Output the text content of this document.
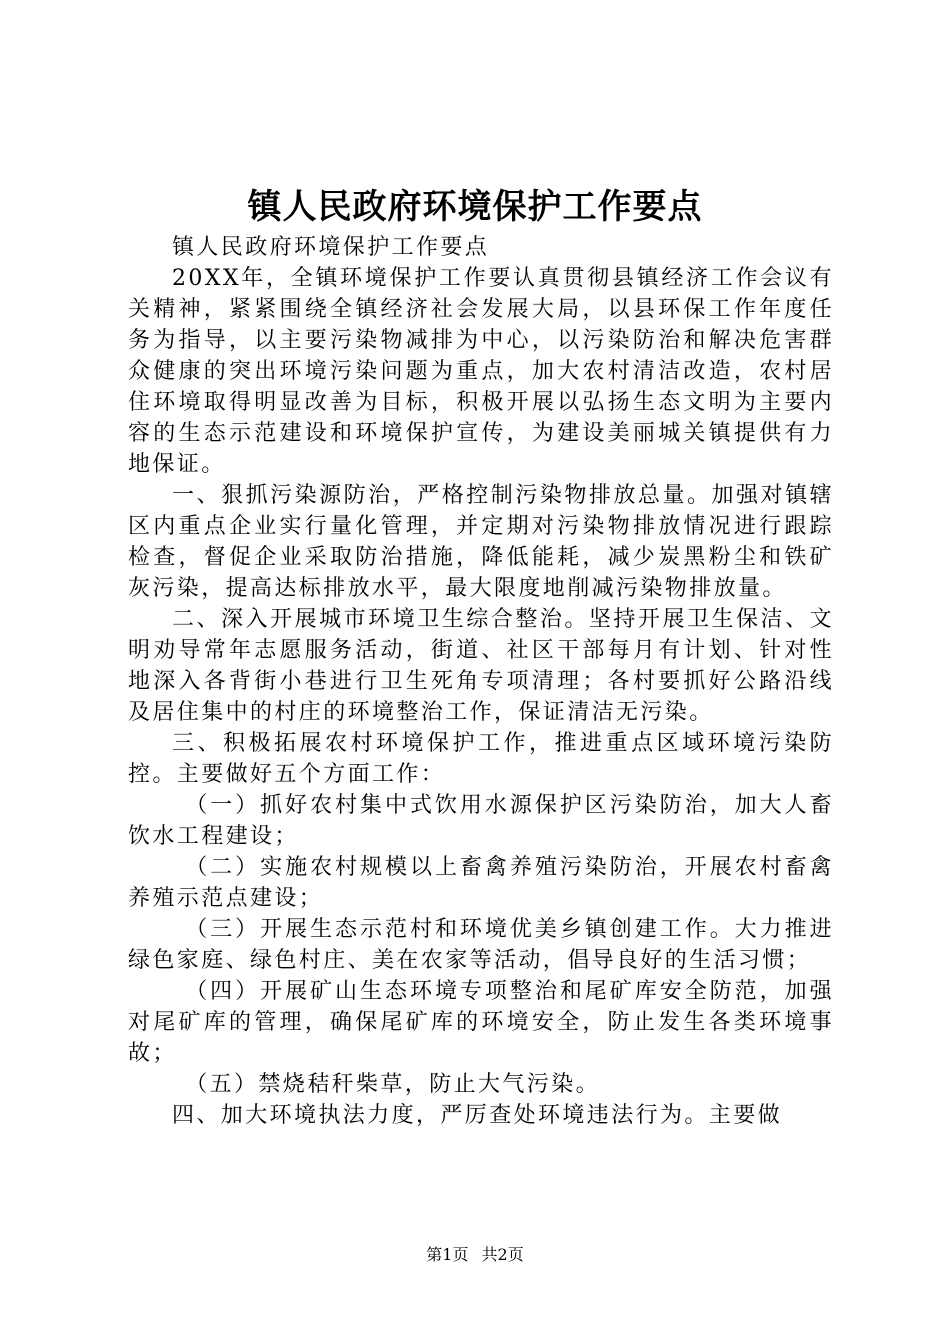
镇人民政府环境保护工作要点

镇人民政府环境保护工作要点

20XX年，全镇环境保护工作要认真贯彻县镇经济工作会议有关精神，紧紧围绕全镇经济社会发展大局，以县环保工作年度任务为指导，以主要污染物减排为中心，以污染防治和解决危害群众健康的突出环境污染问题为重点，加大农村清洁改造，农村居住环境取得明显改善为目标，积极开展以弘扬生态文明为主要内容的生态示范建设和环境保护宣传，为建设美丽城关镇提供有力地保证。

一、狠抓污染源防治，严格控制污染物排放总量。加强对镇辖区内重点企业实行量化管理，并定期对污染物排放情况进行跟踪检查，督促企业采取防治措施，降低能耗，减少炭黑粉尘和铁矿灰污染，提高达标排放水平，最大限度地削减污染物排放量。

二、深入开展城市环境卫生综合整治。坚持开展卫生保洁、文明劝导常年志愿服务活动，街道、社区干部每月有计划、针对性地深入各背街小巷进行卫生死角专项清理；各村要抓好公路沿线及居住集中的村庄的环境整治工作，保证清洁无污染。

三、积极拓展农村环境保护工作，推进重点区域环境污染防控。主要做好五个方面工作：

（一）抓好农村集中式饮用水源保护区污染防治，加大人畜饮水工程建设；

（二）实施农村规模以上畜禽养殖污染防治，开展农村畜禽养殖示范点建设；

（三）开展生态示范村和环境优美乡镇创建工作。大力推进绿色家庭、绿色村庄、美在农家等活动，倡导良好的生活习惯；

（四）开展矿山生态环境专项整治和尾矿库安全防范，加强对尾矿库的管理，确保尾矿库的环境安全，防止发生各类环境事故；

（五）禁烧秸秆柴草，防止大气污染。

四、加大环境执法力度，严厉查处环境违法行为。主要做

第1页 共2页
